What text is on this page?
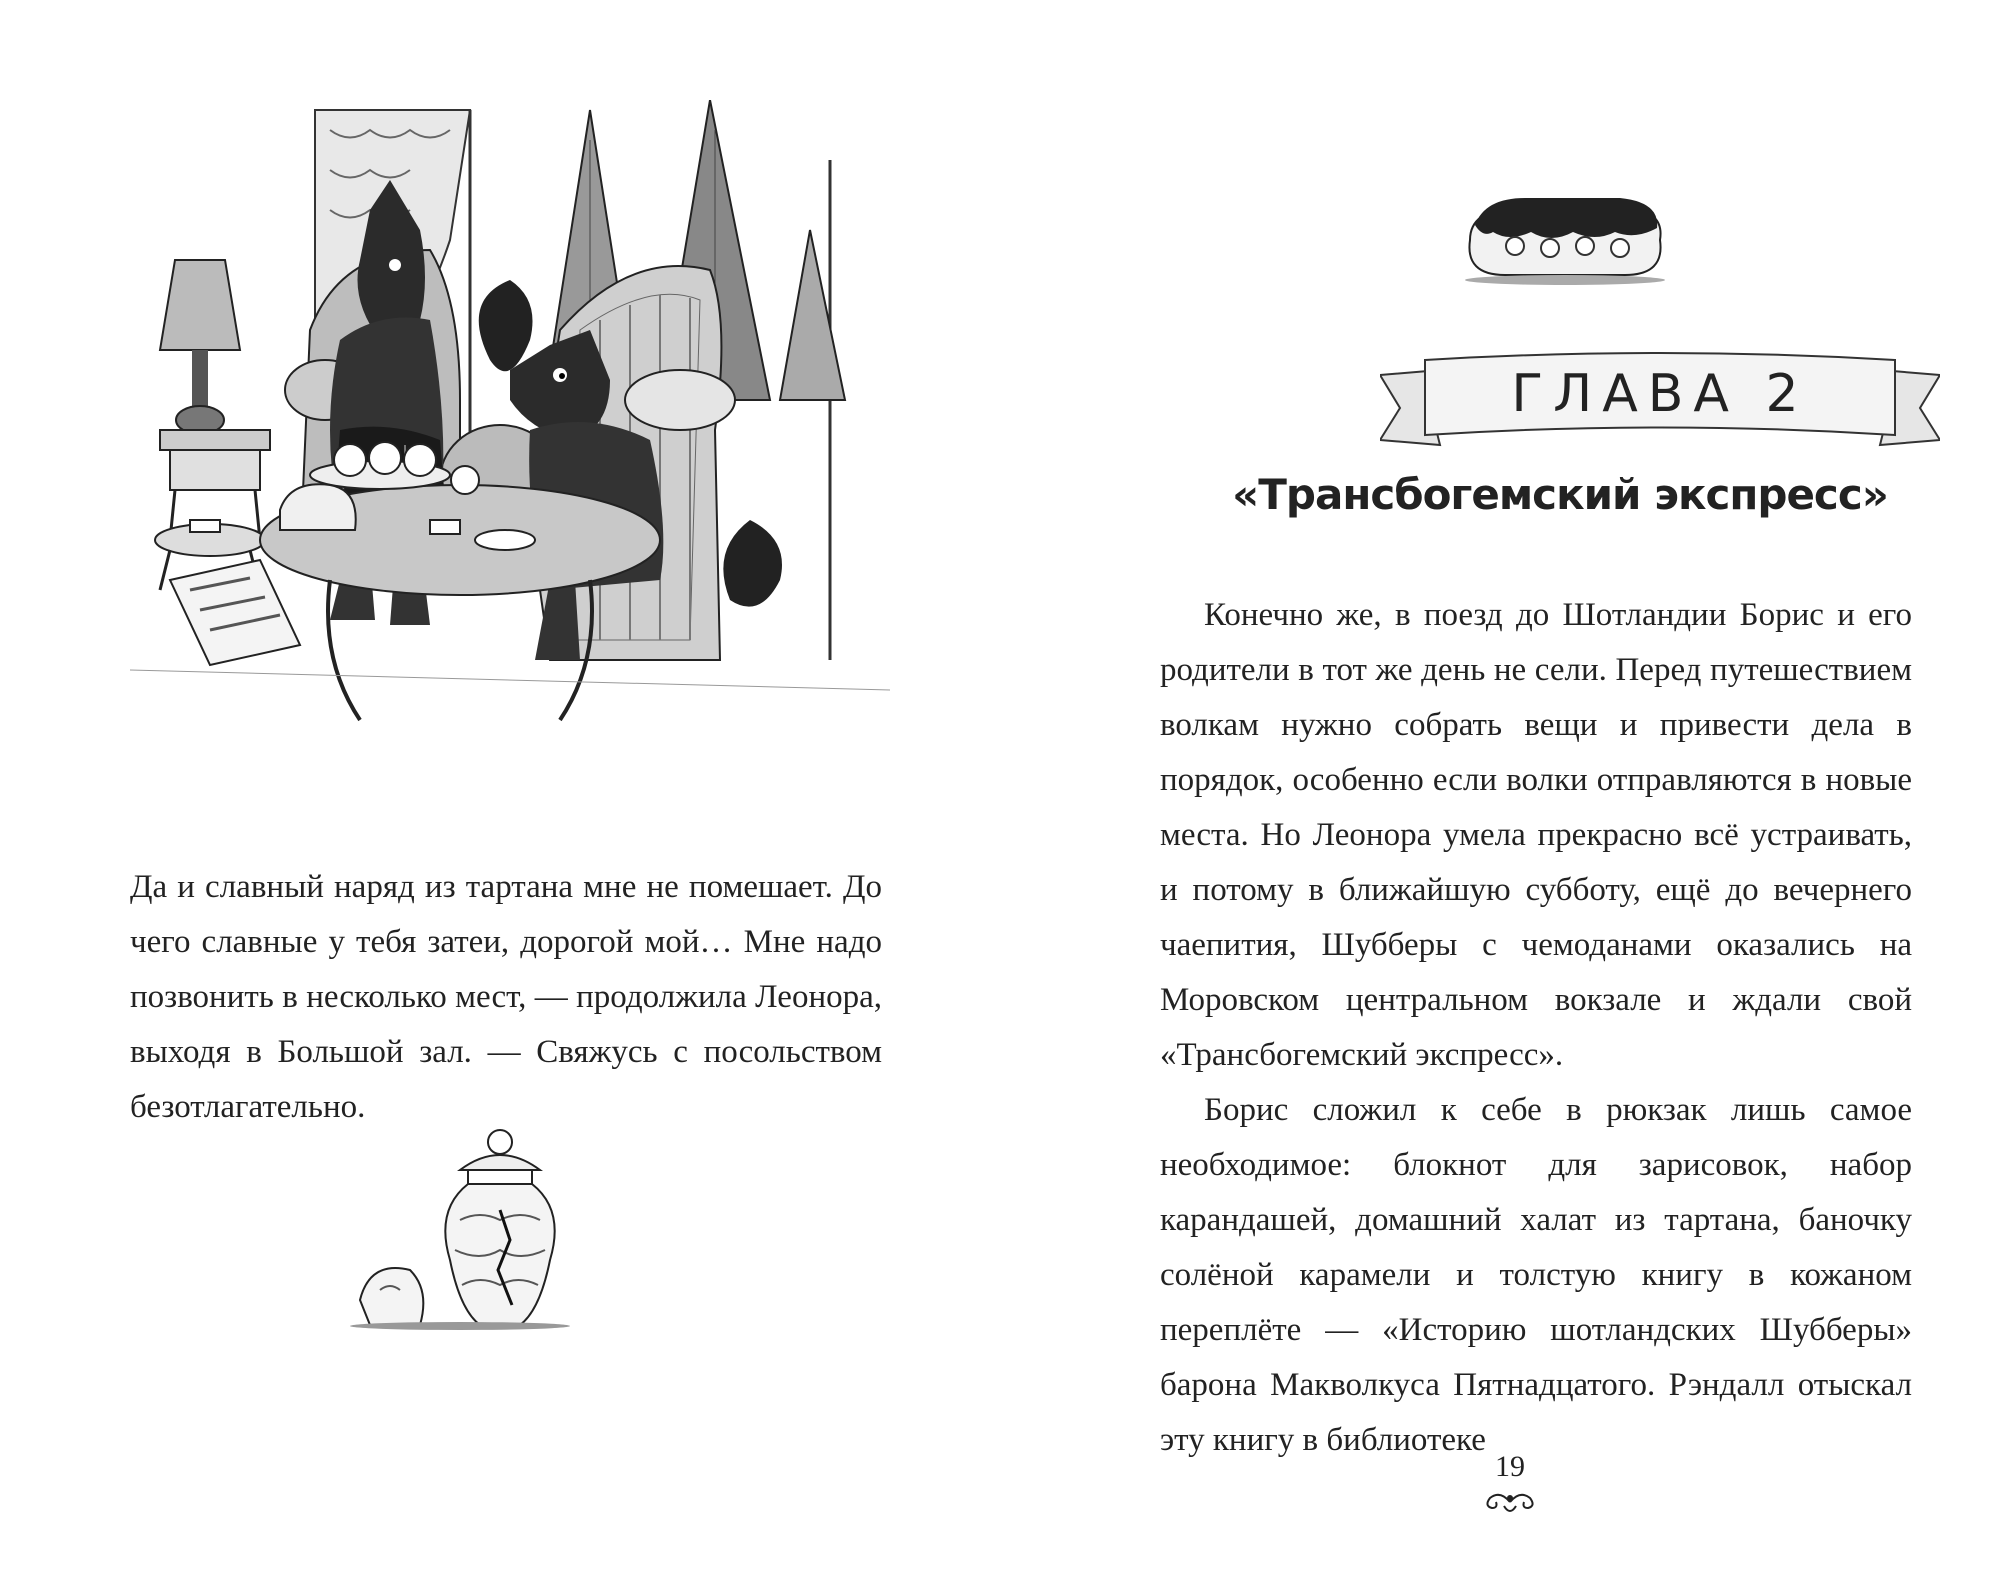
Да и славный наряд из тартана мне не помешает. До чего славные у тебя затеи, дорогой мой… Мне надо позвонить в несколько мест, — продолжила Леонора, выходя в Большой зал. — Свяжусь с посольством безотлагательно.

ГЛАВА 2
«Трансбогемский экспресс»

Конечно же, в поезд до Шотландии Борис и его родители в тот же день не сели. Перед путешествием волкам нужно собрать вещи и привести дела в порядок, особенно если волки отправляются в новые места. Но Леонора умела прекрасно всё устраивать, и потому в ближайшую субботу, ещё до вечернего чаепития, Шубберы с чемоданами оказались на Моровском центральном вокзале и ждали свой «Трансбогемский экспресс».

Борис сложил к себе в рюкзак лишь самое необходимое: блокнот для зарисовок, набор карандашей, домашний халат из тартана, баночку солёной карамели и толстую книгу в кожаном переплёте — «Историю шотландских Шубберы» барона Макволкуса Пятнадцатого. Рэндалл отыскал эту книгу в библиотеке

19
